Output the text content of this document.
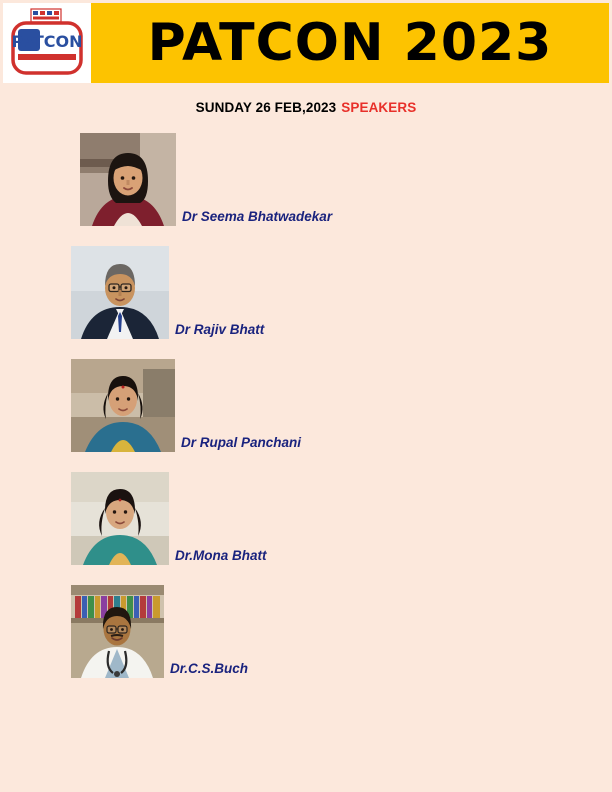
PATCON PATCON 2023
SUNDAY 26 FEB,2023 SPEAKERS
Dr Seema Bhatwadekar
Dr Rajiv Bhatt
Dr Rupal Panchani
Dr.Mona Bhatt
Dr.C.S.Buch
